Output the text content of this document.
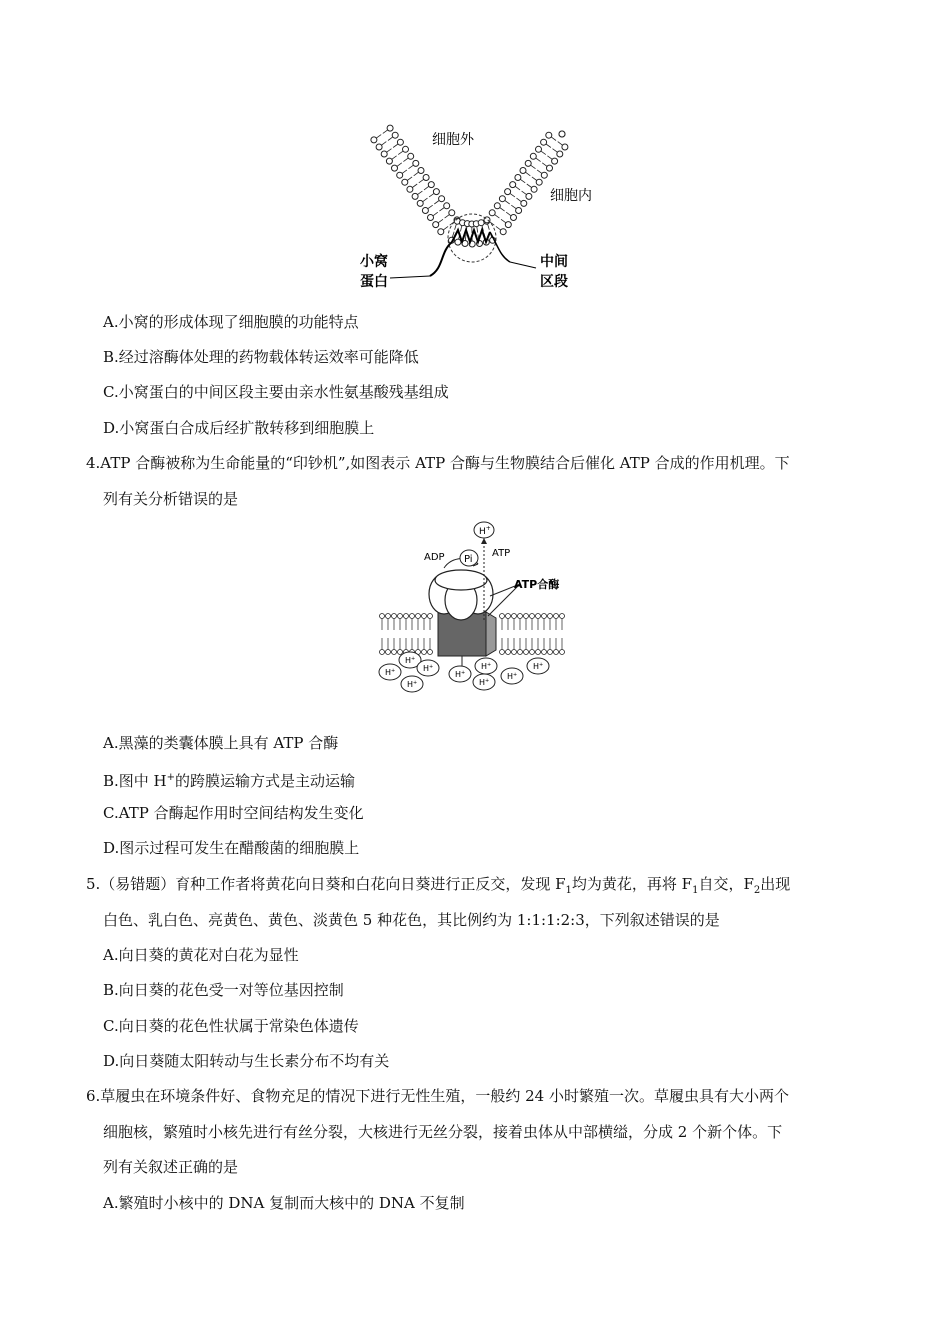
细胞外
细胞内
小窝
蛋白
中间
区段
A.小窝的形成体现了细胞膜的功能特点
B.经过溶酶体处理的药物载体转运效率可能降低
C.小窝蛋白的中间区段主要由亲水性氨基酸残基组成
D.小窝蛋白合成后经扩散转移到细胞膜上
4.ATP 合酶被称为生命能量的“印钞机”,如图表示 ATP 合酶与生物膜结合后催化 ATP 合成的作用机理。下
列有关分析错误的是
H+
ADP Pi
ATP
ATP合酶
H+
H+	H+
H+
H+
H+
H+ H+
H+
A.黑藻的类囊体膜上具有 ATP 合酶
B.图中 H+的跨膜运输方式是主动运输
C.ATP 合酶起作用时空间结构发生变化
D.图示过程可发生在醋酸菌的细胞膜上
5.（易错题）育种工作者将黄花向日葵和白花向日葵进行正反交，发现 $F_1$均为黄花，再将 $F_1$自交，$F_2$出现
白色、乳白色、亮黄色、黄色、淡黄色 5 种花色，其比例约为 1:1:1:2:3，下列叙述错误的是
A.向日葵的黄花对白花为显性
B.向日葵的花色受一对等位基因控制
C.向日葵的花色性状属于常染色体遗传
D.向日葵随太阳转动与生长素分布不均有关
6.草履虫在环境条件好、食物充足的情况下进行无性生殖，一般约 24 小时繁殖一次。草履虫具有大小两个
细胞核，繁殖时小核先进行有丝分裂，大核进行无丝分裂，接着虫体从中部横缢，分成 2 个新个体。下
列有关叙述正确的是
A.繁殖时小核中的 DNA 复制而大核中的 DNA 不复制
